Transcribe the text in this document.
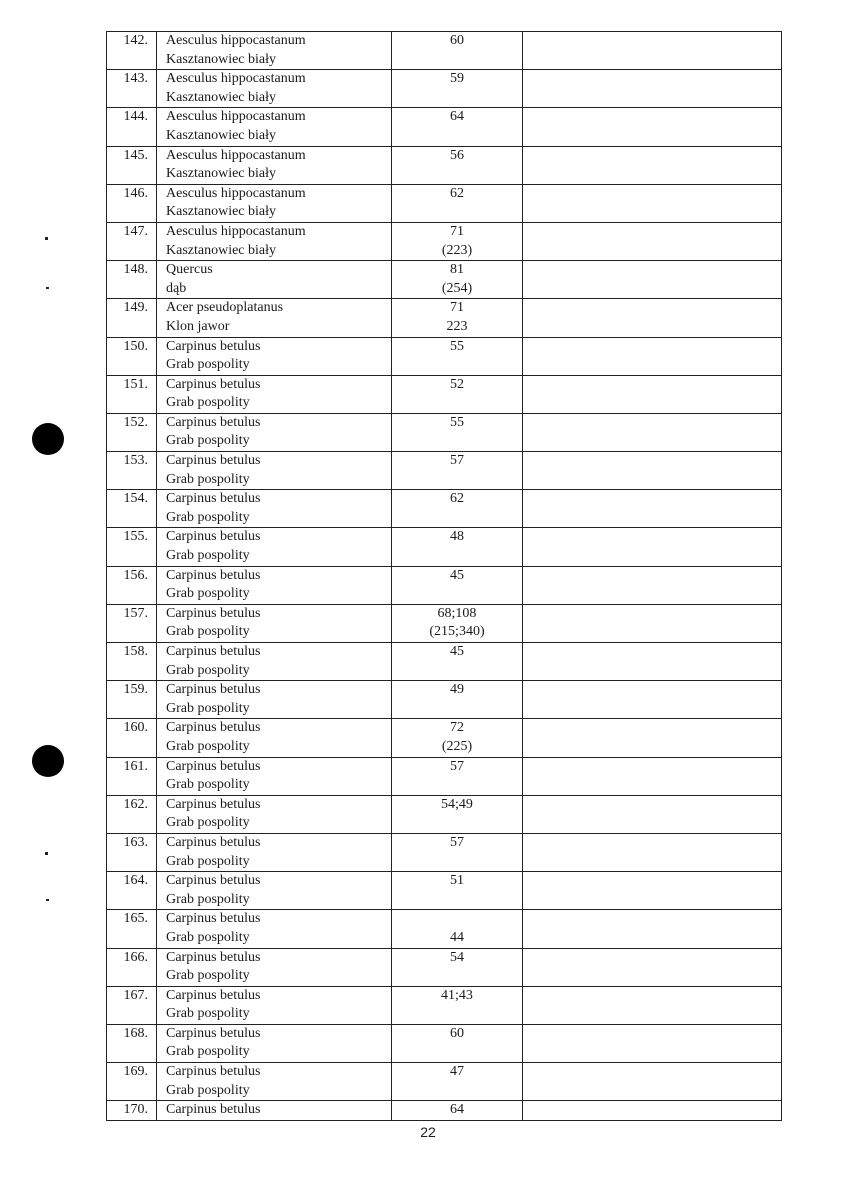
142.	Aesculus hippocastanum
Kasztanowiec biały	60	

143.	Aesculus hippocastanum
Kasztanowiec biały	59	

144.	Aesculus hippocastanum
Kasztanowiec biały	64	

145.	Aesculus hippocastanum
Kasztanowiec biały	56	

146.	Aesculus hippocastanum
Kasztanowiec biały	62	

147.	Aesculus hippocastanum
Kasztanowiec biały	71
(223)	

148.	Quercus
dąb	81
(254)	

149.	Acer pseudoplatanus
Klon jawor	71
223	

150.	Carpinus betulus
Grab pospolity	55	

151.	Carpinus betulus
Grab pospolity	52	

152.	Carpinus betulus
Grab pospolity	55	

153.	Carpinus betulus
Grab pospolity	57	

154.	Carpinus betulus
Grab pospolity	62	

155.	Carpinus betulus
Grab pospolity	48	

156.	Carpinus betulus
Grab pospolity	45	

157.	Carpinus betulus
Grab pospolity	68;108
(215;340)	

158.	Carpinus betulus
Grab pospolity	45	

159.	Carpinus betulus
Grab pospolity	49	

160.	Carpinus betulus
Grab pospolity	72
(225)	

161.	Carpinus betulus
Grab pospolity	57	

162.	Carpinus betulus
Grab pospolity	54;49	

163.	Carpinus betulus
Grab pospolity	57	

164.	Carpinus betulus
Grab pospolity	51	

165.	Carpinus betulus
Grab pospolity	44	

166.	Carpinus betulus
Grab pospolity	54	

167.	Carpinus betulus
Grab pospolity	41;43	

168.	Carpinus betulus
Grab pospolity	60	

169.	Carpinus betulus
Grab pospolity	47	

170.	Carpinus betulus	64	

22
